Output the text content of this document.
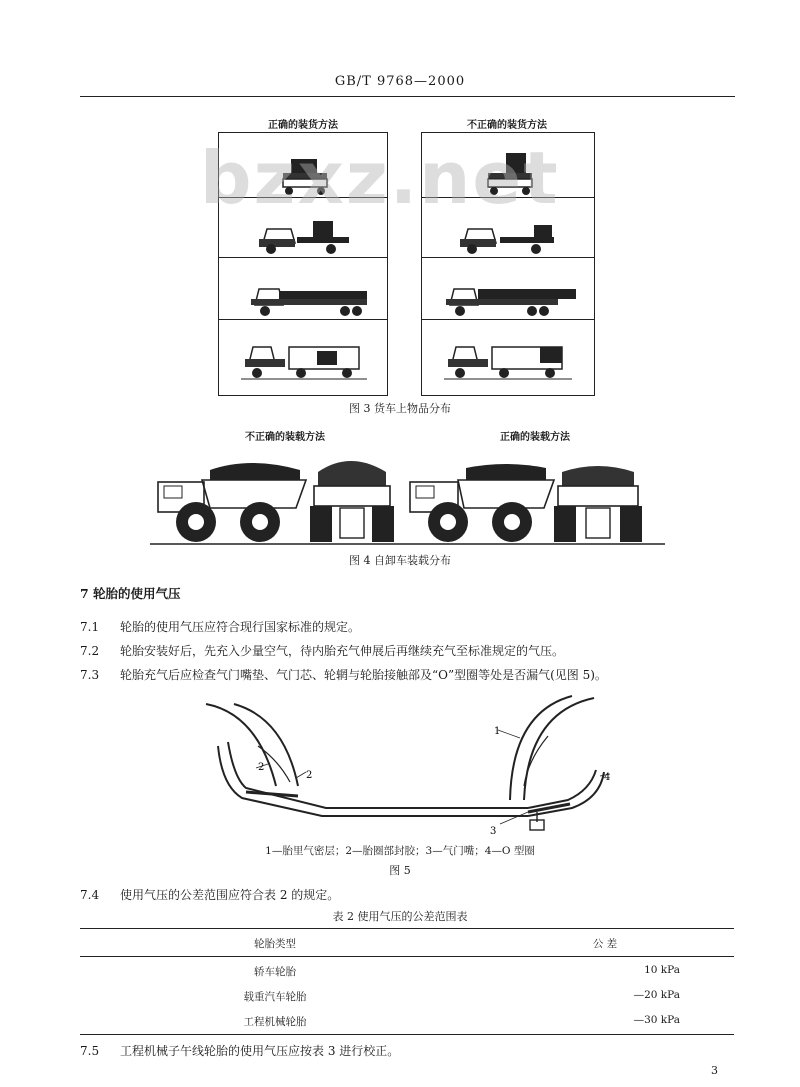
GB/T 9768—2000
正确的装货方法	不正确的装货方法
bzxz.net
图 3 货车上物品分布
不正确的装载方法	正确的装载方法
图 4 自卸车装载分布
7 轮胎的使用气压
7.1 轮胎的使用气压应符合现行国家标准的规定。
7.2 轮胎安装好后，先充入少量空气，待内胎充气伸展后再继续充气至标准规定的气压。
7.3 轮胎充气后应检查气门嘴垫、气门芯、轮辋与轮胎接触部及“O”型圈等处是否漏气(见图 5)。
1
2
2
3
4
1—胎里气密层；2—胎圈部封胶；3—气门嘴；4—O 型圈
图 5
7.4 使用气压的公差范围应符合表 2 的规定。
表 2 使用气压的公差范围表
轮胎类型	公 差
轿车轮胎	10 kPa
载重汽车轮胎	—20 kPa
工程机械轮胎	—30 kPa
7.5 工程机械子午线轮胎的使用气压应按表 3 进行校正。
3
